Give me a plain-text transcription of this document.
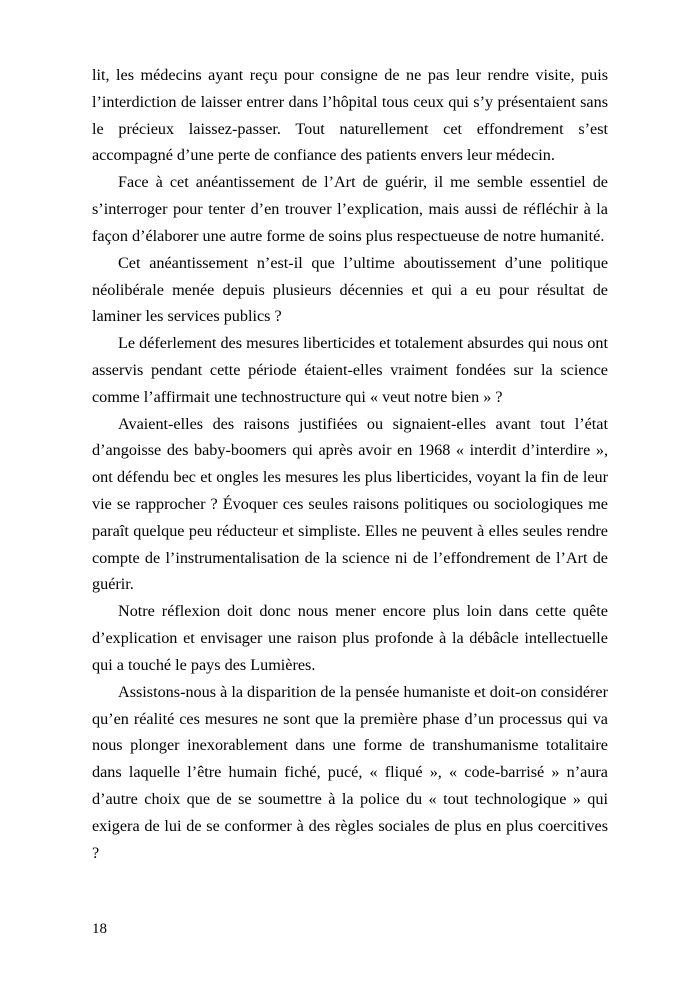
lit, les médecins ayant reçu pour consigne de ne pas leur rendre visite, puis l’interdiction de laisser entrer dans l’hôpital tous ceux qui s’y présentaient sans le précieux laissez-passer. Tout naturellement cet effondrement s’est accompagné d’une perte de confiance des patients envers leur médecin.

Face à cet anéantissement de l’Art de guérir, il me semble essentiel de s’interroger pour tenter d’en trouver l’explication, mais aussi de réfléchir à la façon d’élaborer une autre forme de soins plus respectueuse de notre humanité.

Cet anéantissement n’est-il que l’ultime aboutissement d’une politique néolibérale menée depuis plusieurs décennies et qui a eu pour résultat de laminer les services publics ?

Le déferlement des mesures liberticides et totalement absurdes qui nous ont asservis pendant cette période étaient-elles vraiment fondées sur la science comme l’affirmait une technostructure qui « veut notre bien » ?

Avaient-elles des raisons justifiées ou signaient-elles avant tout l’état d’angoisse des baby-boomers qui après avoir en 1968 « interdit d’interdire », ont défendu bec et ongles les mesures les plus liberticides, voyant la fin de leur vie se rapprocher ? Évoquer ces seules raisons politiques ou sociologiques me paraît quelque peu réducteur et simpliste. Elles ne peuvent à elles seules rendre compte de l’instrumentalisation de la science ni de l’effondrement de l’Art de guérir.

Notre réflexion doit donc nous mener encore plus loin dans cette quête d’explication et envisager une raison plus profonde à la débâcle intellectuelle qui a touché le pays des Lumières.

Assistons-nous à la disparition de la pensée humaniste et doit-on considérer qu’en réalité ces mesures ne sont que la première phase d’un processus qui va nous plonger inexorablement dans une forme de transhumanisme totalitaire dans laquelle l’être humain fiché, pucé, « fliqué », « code-barrisé » n’aura d’autre choix que de se soumettre à la police du « tout technologique » qui exigera de lui de se conformer à des règles sociales de plus en plus coercitives ?

18
